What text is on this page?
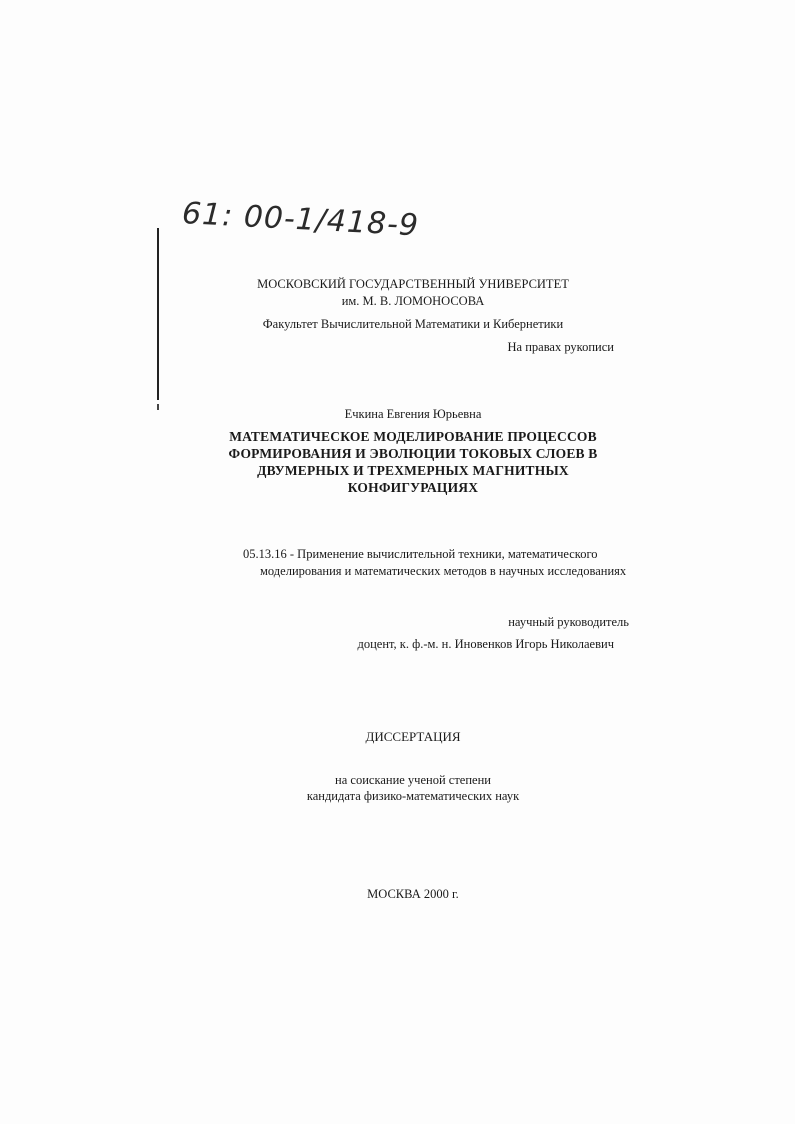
61: 00-1/418-9
МОСКОВСКИЙ ГОСУДАРСТВЕННЫЙ УНИВЕРСИТЕТ
им. М. В. ЛОМОНОСОВА
Факультет Вычислительной Математики и Кибернетики
На правах рукописи
Ечкина Евгения Юрьевна
МАТЕМАТИЧЕСКОЕ МОДЕЛИРОВАНИЕ ПРОЦЕССОВ
ФОРМИРОВАНИЯ И ЭВОЛЮЦИИ ТОКОВЫХ СЛОЕВ В
ДВУМЕРНЫХ И ТРЕХМЕРНЫХ МАГНИТНЫХ
КОНФИГУРАЦИЯХ
05.13.16 - Применение вычислительной техники, математического
моделирования и математических методов в научных исследованиях
научный руководитель
доцент, к. ф.-м. н. Иновенков Игорь Николаевич
ДИССЕРТАЦИЯ
на соискание ученой степени
кандидата физико-математических наук
МОСКВА 2000 г.
